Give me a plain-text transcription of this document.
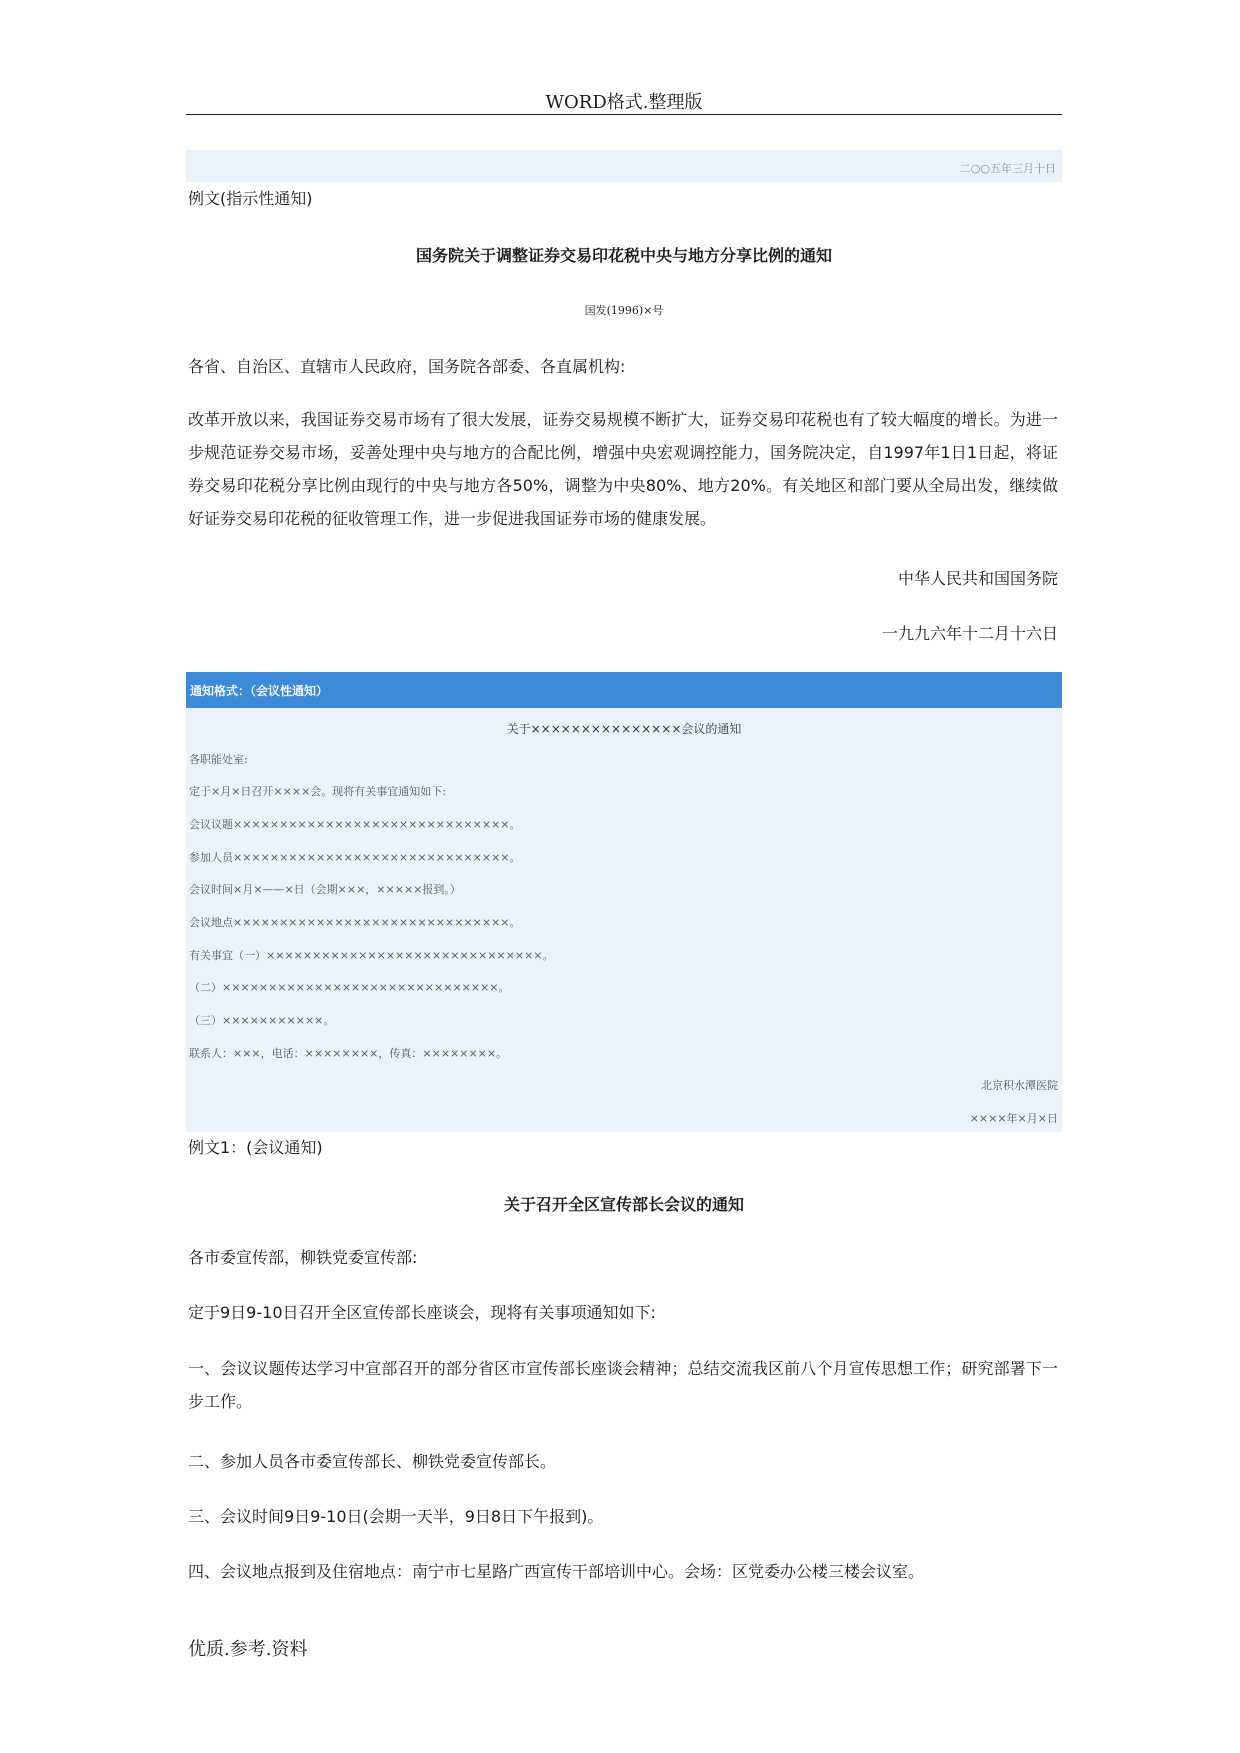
WORD格式.整理版
二○○五年三月十日
例文(指示性通知)
国务院关于调整证券交易印花税中央与地方分享比例的通知
国发(1996)×号
各省、自治区、直辖市人民政府，国务院各部委、各直属机构:
改革开放以来，我国证券交易市场有了很大发展，证券交易规模不断扩大，证券交易印花税也有了较大幅度的增长。为进一步规范证券交易市场，妥善处理中央与地方的合配比例，增强中央宏观调控能力，国务院决定，自1997年1日1日起，将证券交易印花税分享比例由现行的中央与地方各50%，调整为中央80%、地方20%。有关地区和部门要从全局出发，继续做好证券交易印花税的征收管理工作，进一步促进我国证券市场的健康发展。
中华人民共和国国务院
一九九六年十二月十六日
通知格式：（会议性通知）
关于×××××××××××××××会议的通知
各职能处室:
定于×月×日召开××××会。现将有关事宜通知如下:
会议议题××××××××××××××××××××××××××××××。
参加人员××××××××××××××××××××××××××××××。
会议时间×月×——×日（会期×××，×××××报到。）
会议地点××××××××××××××××××××××××××××××。
有关事宜（一）××××××××××××××××××××××××××××××。
（二）××××××××××××××××××××××××××××××。
（三）×××××××××××。
联系人：×××，电话：××××××××，传真：××××××××。
北京积水潭医院
××××年×月×日
例文1：(会议通知)
关于召开全区宣传部长会议的通知
各市委宣传部，柳铁党委宣传部:
定于9日9-10日召开全区宣传部长座谈会，现将有关事项通知如下:
一、会议议题传达学习中宣部召开的部分省区市宣传部长座谈会精神；总结交流我区前八个月宣传思想工作；研究部署下一步工作。
二、参加人员各市委宣传部长、柳铁党委宣传部长。
三、会议时间9日9-10日(会期一天半，9日8日下午报到)。
四、会议地点报到及住宿地点：南宁市七星路广西宣传干部培训中心。会场：区党委办公楼三楼会议室。
优质.参考.资料
